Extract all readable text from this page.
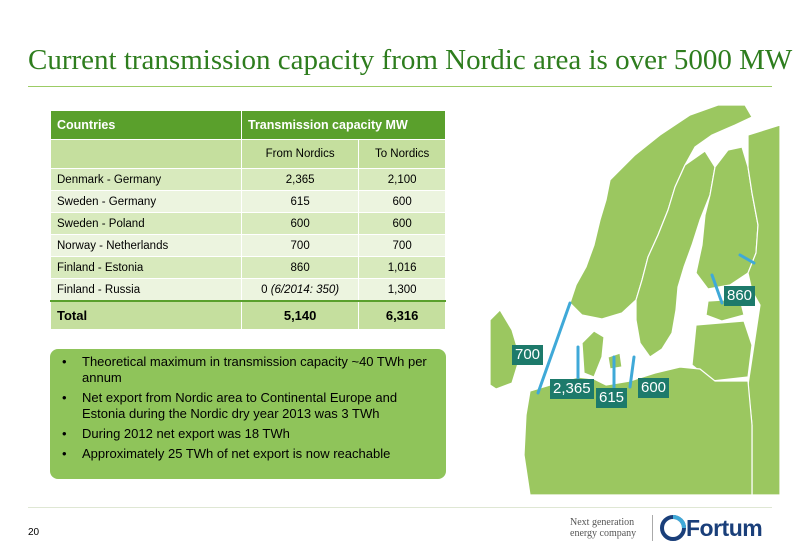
Current transmission capacity from Nordic area is over 5000 MW
Countries	Transmission capacity MW	
	From Nordics	To Nordics
Denmark - Germany	2,365	2,100
Sweden - Germany	615	600
Sweden - Poland	600	600
Norway - Netherlands	700	700
Finland - Estonia	860	1,016
Finland - Russia	0 (6/2014: 350)	1,300
Total	5,140	6,316
• Theoretical maximum in transmission capacity ~40 TWh per annum
• Net export from Nordic area to Continental Europe and Estonia during the Nordic dry year 2013 was 3 TWh
• During 2012 net export was 18 TWh
• Approximately 25 TWh of net export is now reachable
700
2,365
615
600
860
20
Next generation
energy company Fortum
